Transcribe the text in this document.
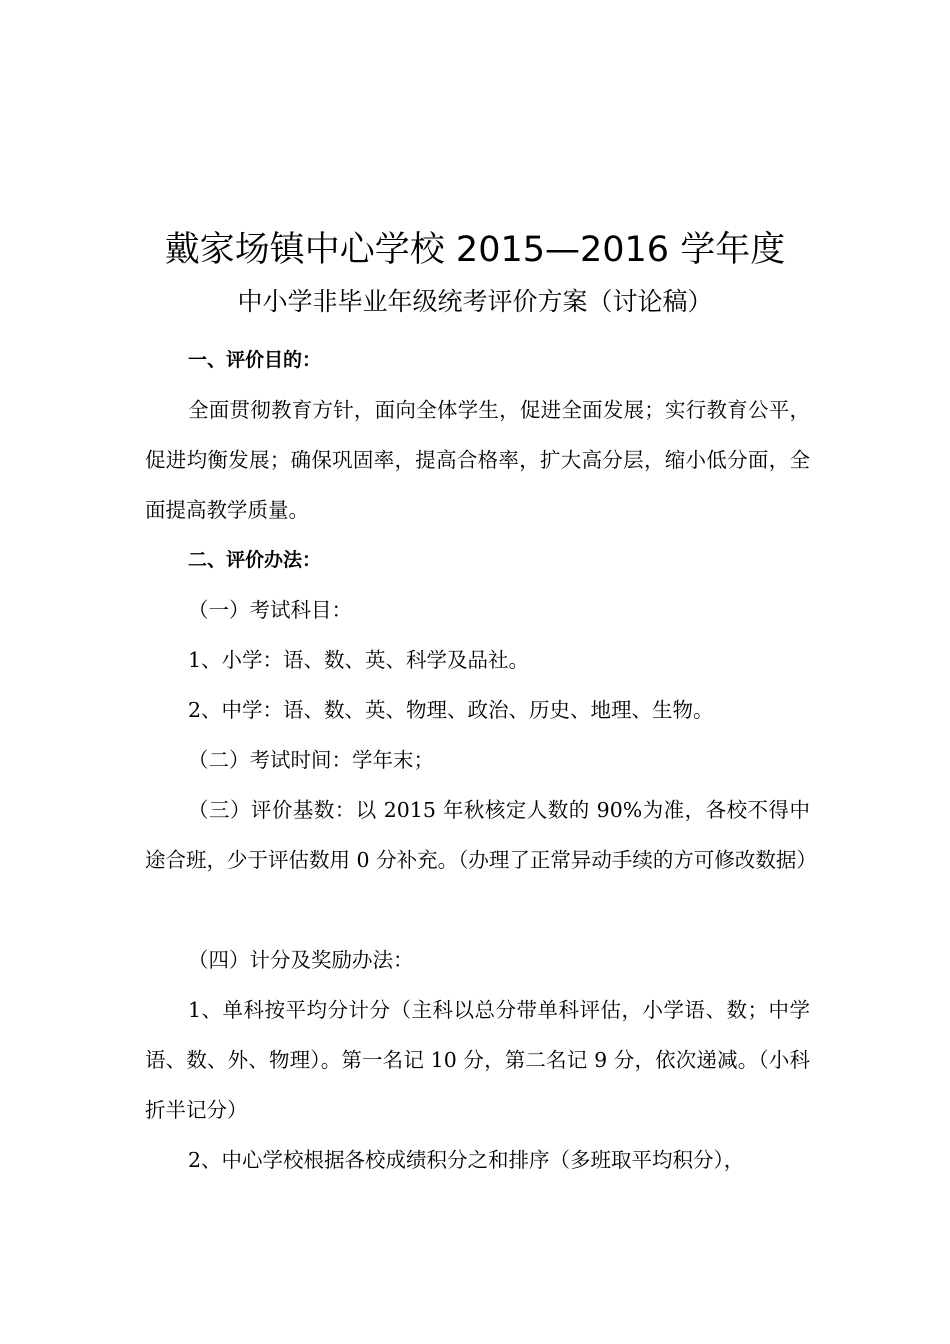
戴家场镇中心学校 2015—2016 学年度
中小学非毕业年级统考评价方案（讨论稿）
一、评价目的：
全面贯彻教育方针，面向全体学生，促进全面发展；实行教育公平，促进均衡发展；确保巩固率，提高合格率，扩大高分层，缩小低分面，全面提高教学质量。
二、评价办法：
（一）考试科目：
1、小学：语、数、英、科学及品社。
2、中学：语、数、英、物理、政治、历史、地理、生物。
（二）考试时间：学年末；
（三）评价基数：以 2015 年秋核定人数的 90%为准，各校不得中途合班，少于评估数用 0 分补充。（办理了正常异动手续的方可修改数据）
（四）计分及奖励办法：
1、单科按平均分计分（主科以总分带单科评估，小学语、数；中学语、数、外、物理）。第一名记 10 分，第二名记 9 分，依次递减。（小科折半记分）
2、中心学校根据各校成绩积分之和排序（多班取平均积分），
